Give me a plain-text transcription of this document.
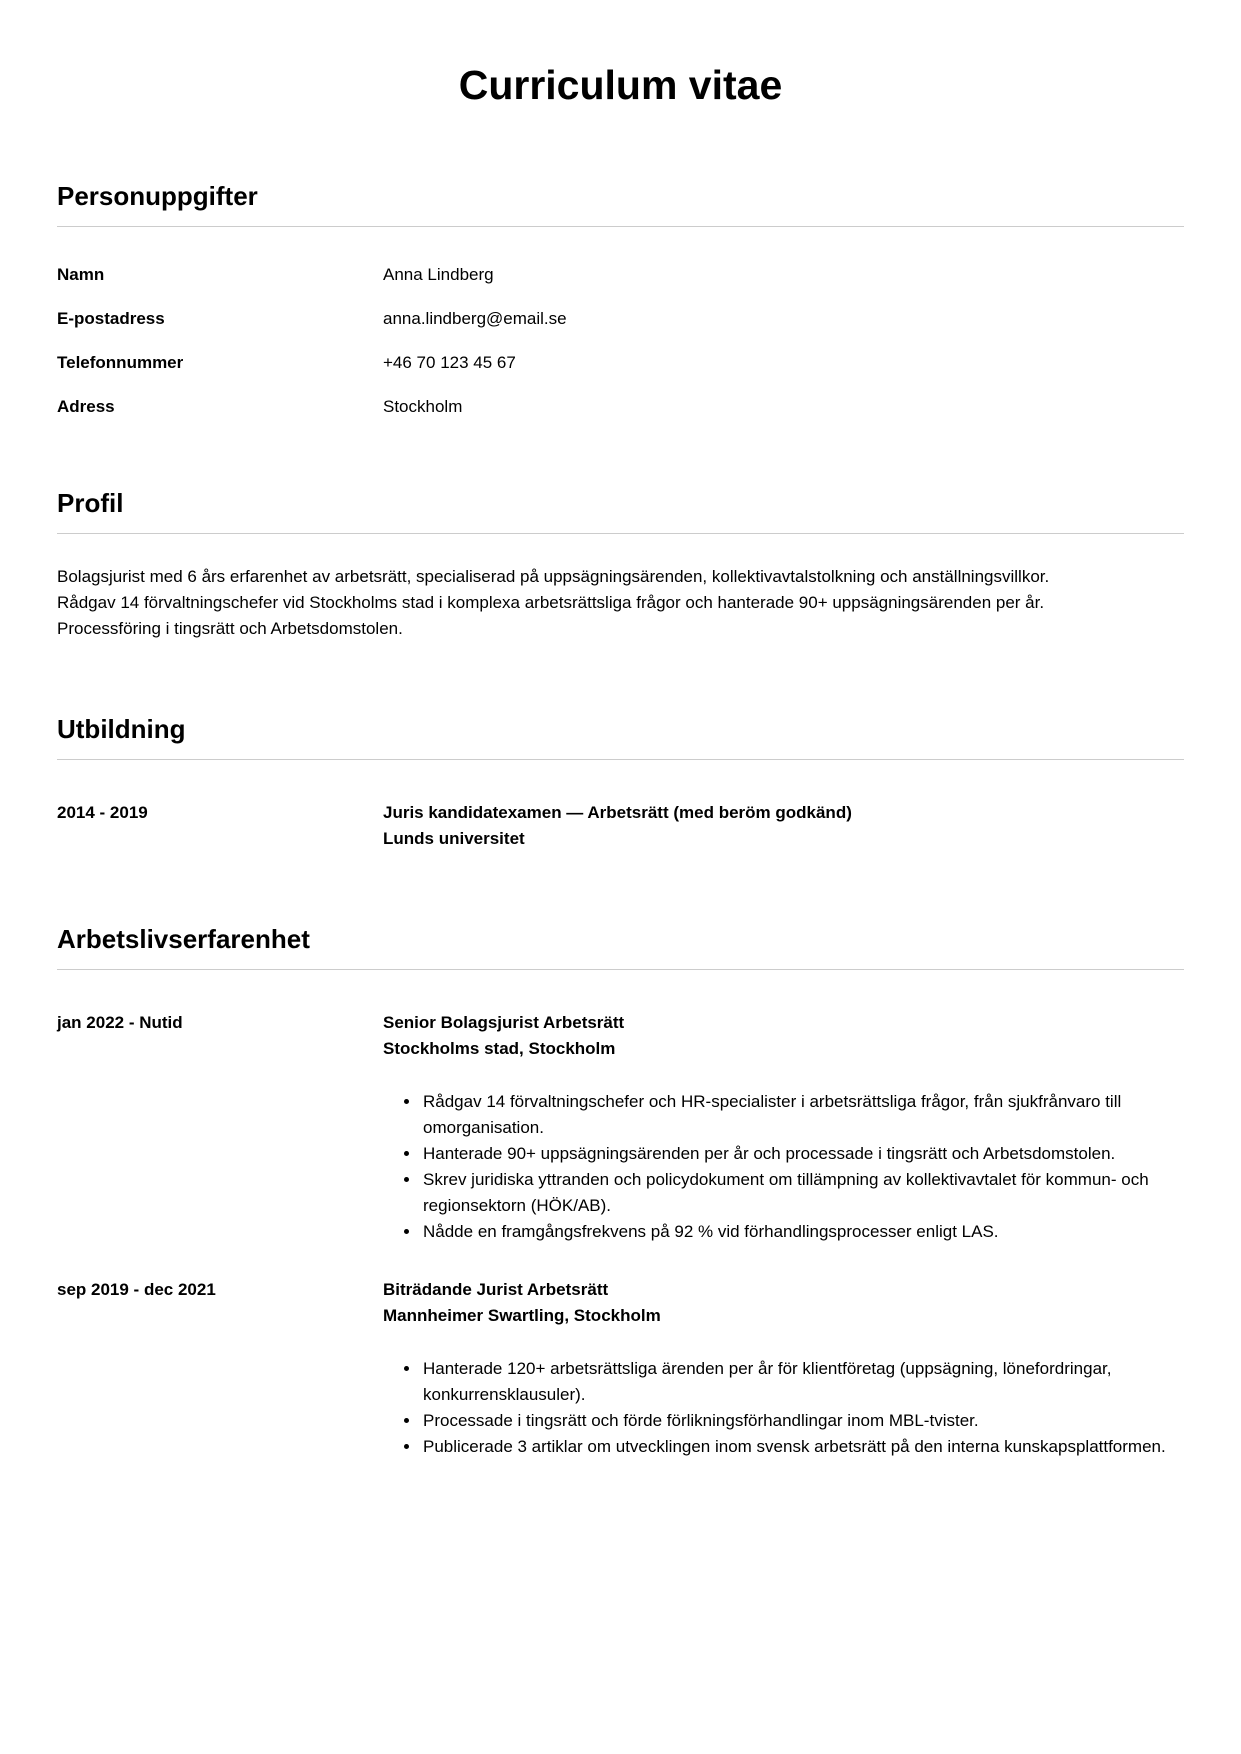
Curriculum vitae
Personuppgifter
Namn	Anna Lindberg
E-postadress	anna.lindberg@email.se
Telefonnummer	+46 70 123 45 67
Adress	Stockholm
Profil

Bolagsjurist med 6 års erfarenhet av arbetsrätt, specialiserad på uppsägningsärenden, kollektivavtalstolkning och anställningsvillkor. Rådgav 14 förvaltningschefer vid Stockholms stad i komplexa arbetsrättsliga frågor och hanterade 90+ uppsägningsärenden per år. Processföring i tingsrätt och Arbetsdomstolen.

Utbildning
2014 - 2019	Juris kandidatexamen — Arbetsrätt (med beröm godkänd)
Lunds universitet
Arbetslivserfarenhet
jan 2022 - Nutid	Senior Bolagsjurist Arbetsrätt
Stockholms stad, Stockholm
• Rådgav 14 förvaltningschefer och HR-specialister i arbetsrättsliga frågor, från sjukfrånvaro till omorganisation.
• Hanterade 90+ uppsägningsärenden per år och processade i tingsrätt och Arbetsdomstolen.
• Skrev juridiska yttranden och policydokument om tillämpning av kollektivavtalet för kommun- och regionsektorn (HÖK/AB).
• Nådde en framgångsfrekvens på 92 % vid förhandlingsprocesser enligt LAS.
sep 2019 - dec 2021	Biträdande Jurist Arbetsrätt
Mannheimer Swartling, Stockholm
• Hanterade 120+ arbetsrättsliga ärenden per år för klientföretag (uppsägning, lönefordringar, konkurrensklausuler).
• Processade i tingsrätt och förde förlikningsförhandlingar inom MBL-tvister.
• Publicerade 3 artiklar om utvecklingen inom svensk arbetsrätt på den interna kunskapsplattformen.
